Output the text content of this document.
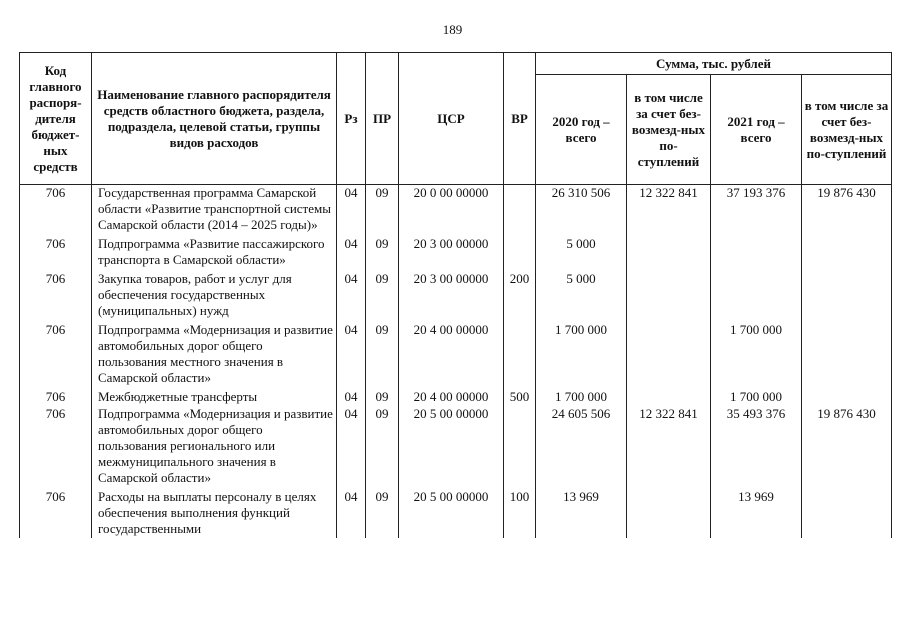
189
Код главного распоря-дителя бюджет-ных средств	Наименование главного распорядителя средств областного бюджета, раздела, подраздела, целевой статьи, группы видов расходов	Рз	ПР	ЦСР	ВР	Сумма, тыс. рублей			
						2020 год – всего	в том числе за счет без-возмезд-ных по-ступлений	2021 год – всего	в том числе за счет без-возмезд-ных по-ступлений
706	Государственная программа Самарской области «Развитие транспортной системы Самарской области (2014 – 2025 годы)»	04	09	20 0 00 00000		26 310 506	12 322 841	37 193 376	19 876 430

706	Подпрограмма «Развитие пассажирского транспорта в Самарской области»	04	09	20 3 00 00000		5 000			

706	Закупка товаров, работ и услуг для обеспечения государственных (муниципальных) нужд	04	09	20 3 00 00000	200	5 000			

706	Подпрограмма «Модернизация и развитие автомобильных дорог общего пользования местного значения в Самарской области»	04	09	20 4 00 00000		1 700 000		1 700 000	

706	Межбюджетные трансферты	04	09	20 4 00 00000	500	1 700 000		1 700 000	
706	Подпрограмма «Модернизация и развитие автомобильных дорог общего пользования регионального или межмуниципального значения в Самарской области»	04	09	20 5 00 00000		24 605 506	12 322 841	35 493 376	19 876 430

706	Расходы на выплаты персоналу в целях обеспечения выполнения функций государственными	04	09	20 5 00 00000	100	13 969		13 969	
